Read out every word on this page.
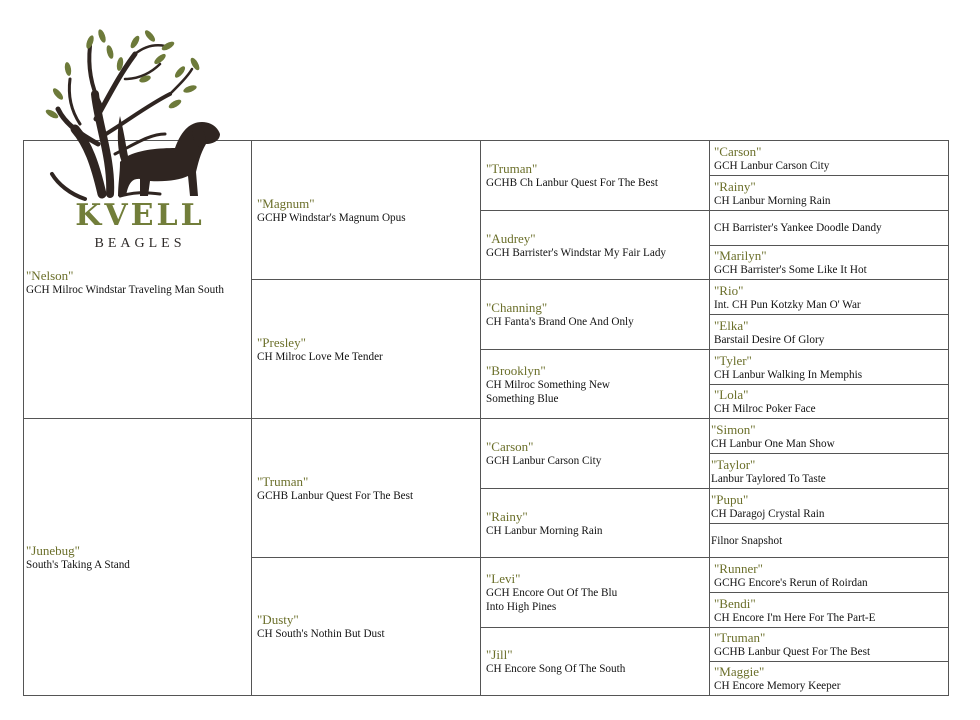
"Nelson"
GCH Milroc Windstar Traveling Man South
"Junebug"
South's Taking A Stand
"Magnum"
GCHP Windstar's Magnum Opus
"Presley"
CH Milroc Love Me Tender
"Truman"
GCHB Lanbur Quest For The Best
"Dusty"
CH South's Nothin But Dust
"Truman"
GCHB Ch Lanbur Quest For The Best
"Audrey"
GCH Barrister's Windstar My Fair Lady
"Channing"
CH Fanta's Brand One And Only
"Brooklyn"
CH Milroc Something New
Something Blue
"Carson"
GCH Lanbur Carson City
"Rainy"
CH Lanbur Morning Rain
"Levi"
GCH Encore Out Of The Blu
Into High Pines
"Jill"
CH Encore Song Of The South
"Carson"
GCH Lanbur Carson City
"Rainy"
CH Lanbur Morning Rain
CH Barrister's Yankee Doodle Dandy
"Marilyn"
GCH Barrister's Some Like It Hot
"Rio"
Int. CH Pun Kotzky Man O' War
"Elka"
Barstail Desire Of Glory
"Tyler"
CH Lanbur Walking In Memphis
"Lola"
CH Milroc Poker Face
"Simon"
CH Lanbur One Man Show
"Taylor"
Lanbur Taylored To Taste
"Pupu"
CH Daragoj Crystal Rain
Filnor Snapshot
"Runner"
GCHG Encore's Rerun of Roirdan
"Bendi"
CH Encore I'm Here For The Part-E
"Truman"
GCHB Lanbur Quest For The Best
"Maggie"
CH Encore Memory Keeper
KVELL
BEAGLES
